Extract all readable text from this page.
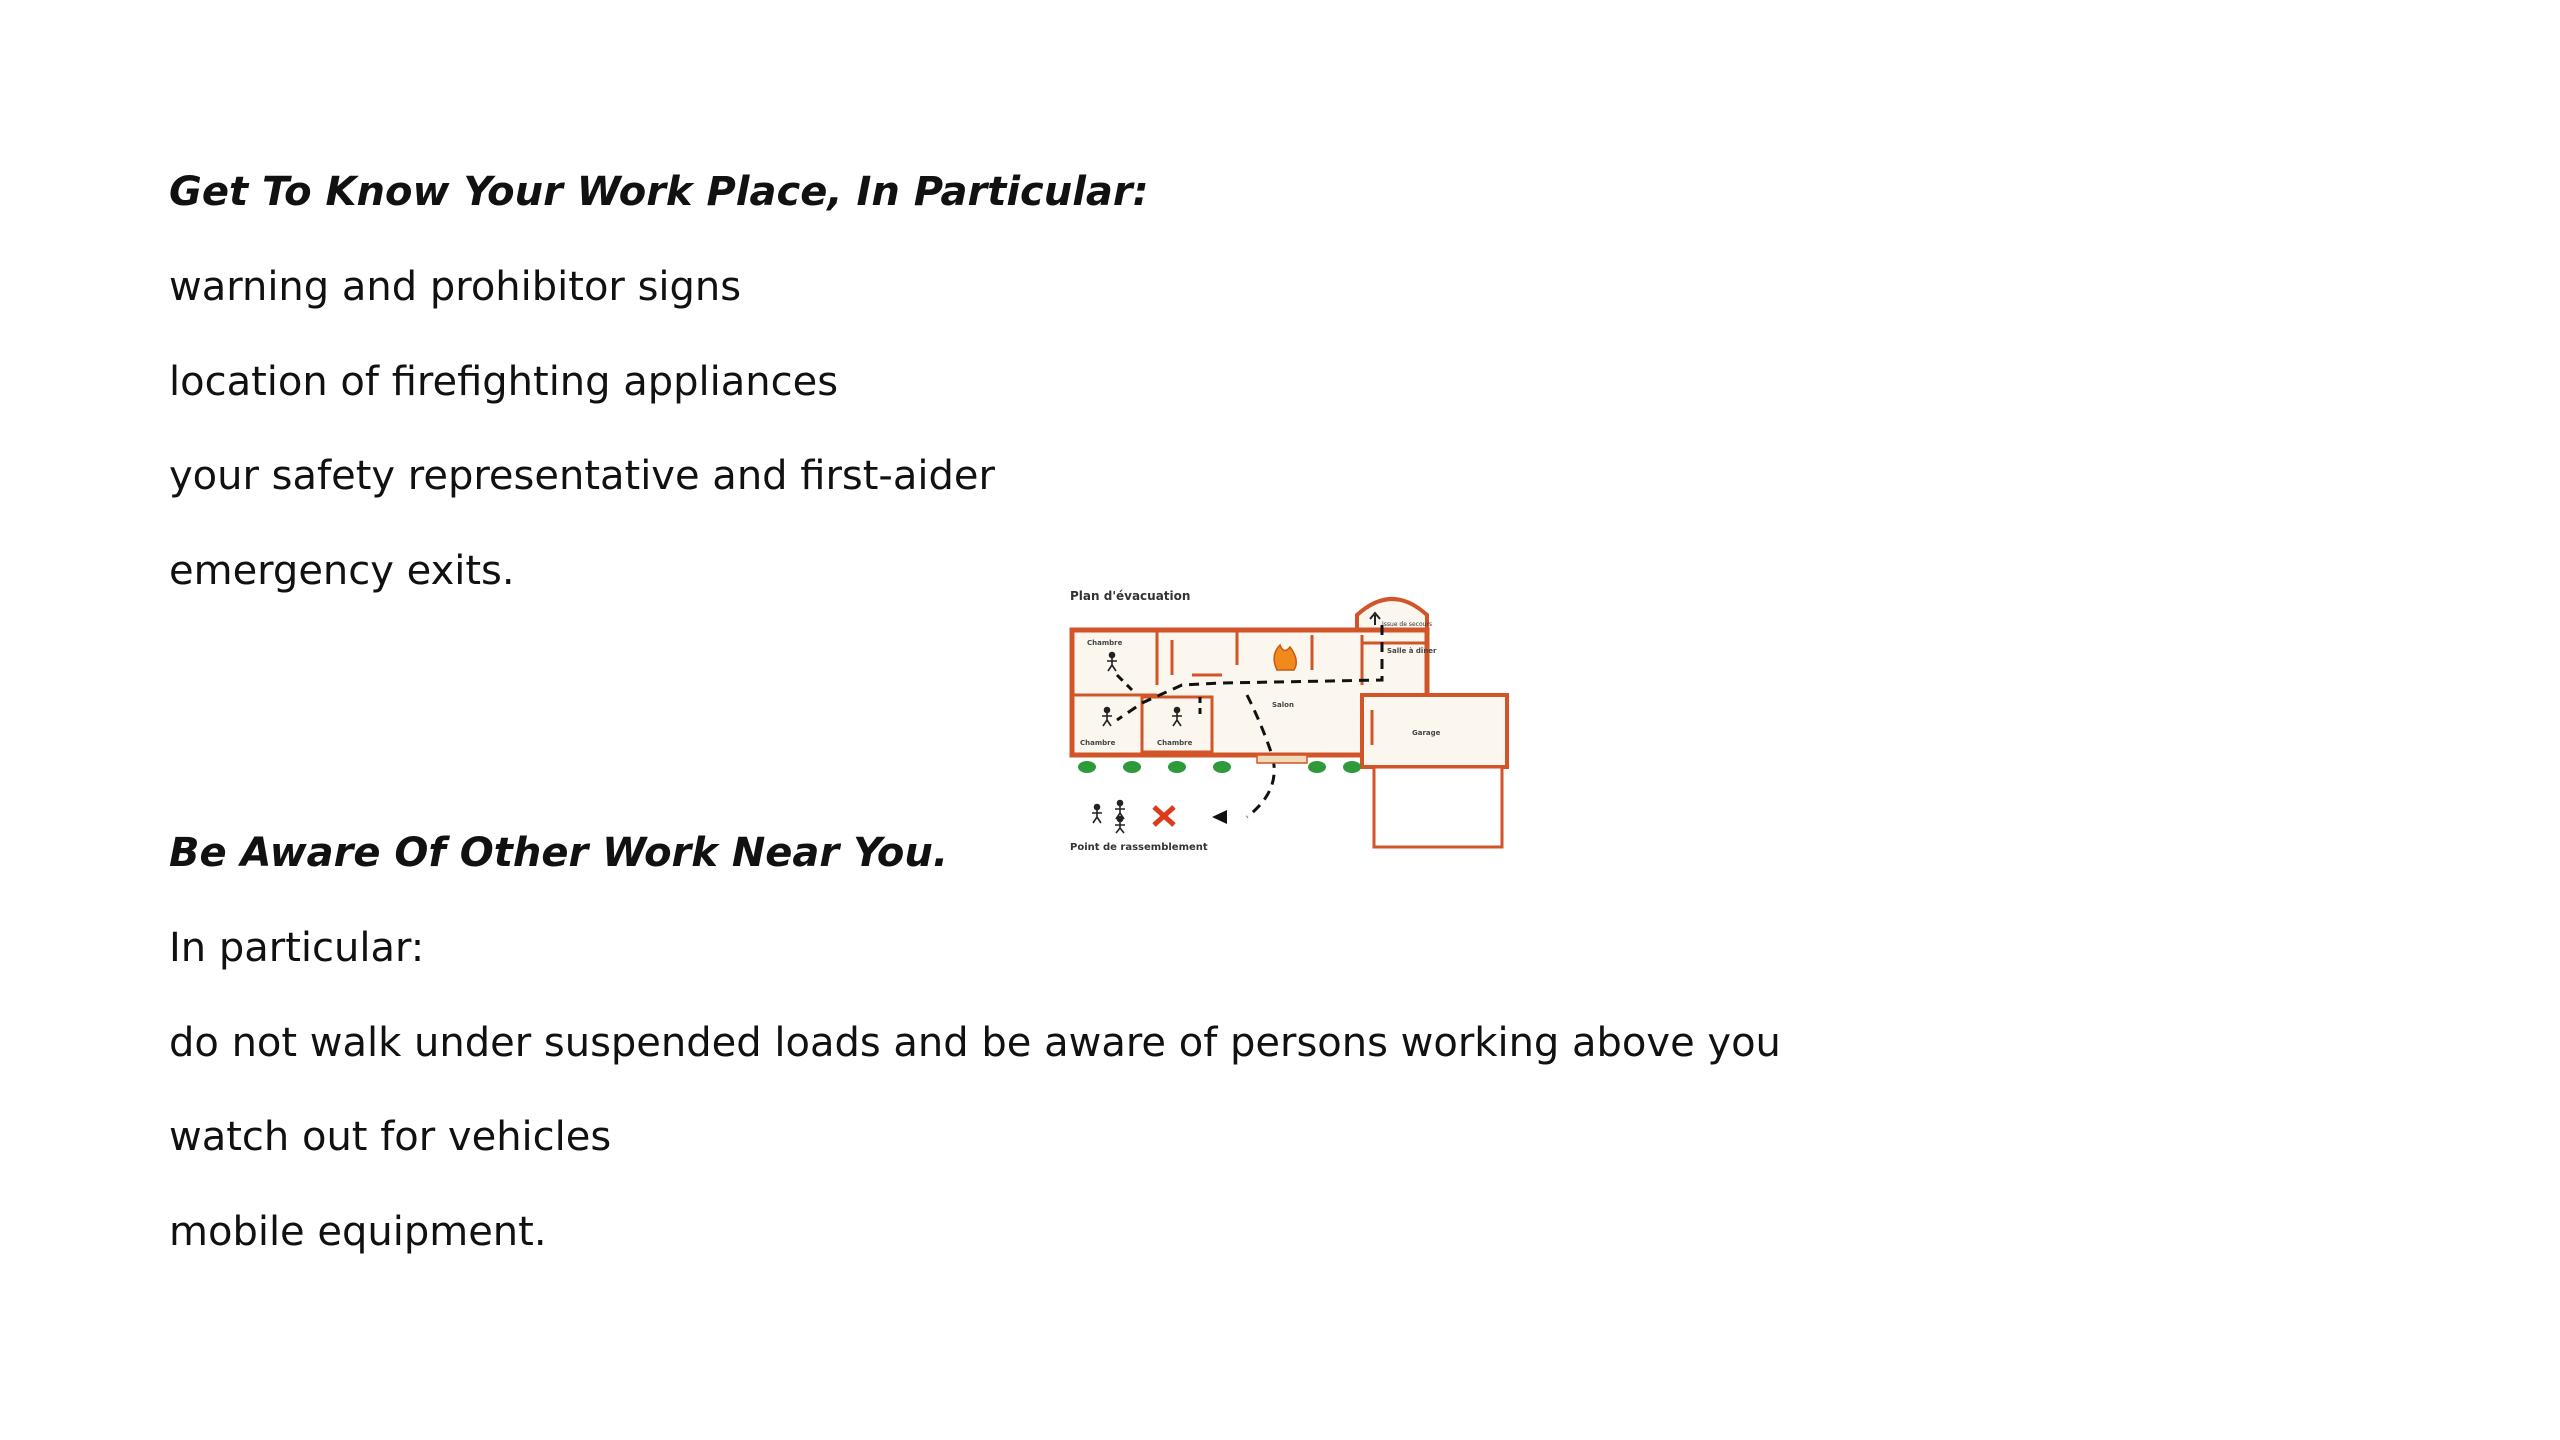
Get To Know Your Work Place, In Particular:
warning and prohibitor signs
location of firefighting appliances
your safety representative and first-aider
emergency exits.
Be Aware Of Other Work Near You.
In particular:
do not walk under suspended loads and be aware of persons working above you
watch out for vehicles
mobile equipment.
Plan d'évacuation
Issue de secours
Chambre
Chambre	Chambre
Salon
Salle à dîner
Garage
Point de rassemblement
